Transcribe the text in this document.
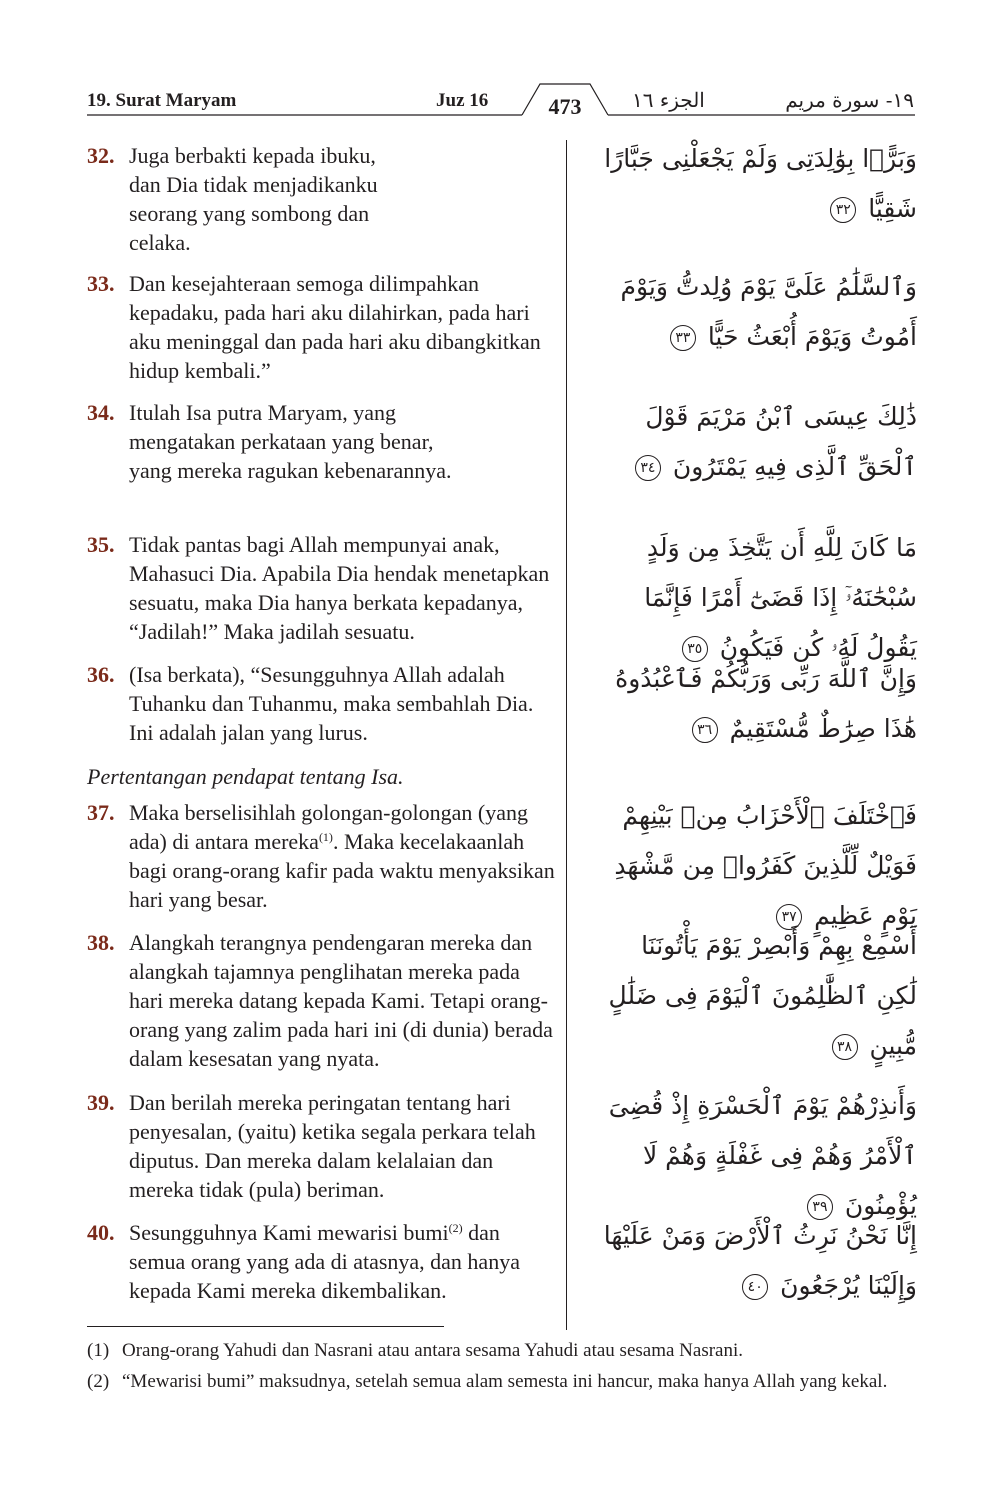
19. Surat Maryam	Juz 16	473	الجزء ١٦	١٩- سورة مريم
32. Juga berbakti kepada ibuku, dan Dia tidak menjadikanku seorang yang sombong dan celaka.
وَبَرًّۢا بِوَٰلِدَتِى وَلَمْ يَجْعَلْنِى جَبَّارًا شَقِيًّا ٣٢
33. Dan kesejahteraan semoga dilimpahkan kepadaku, pada hari aku dilahirkan, pada hari aku meninggal dan pada hari aku dibangkitkan hidup kembali.”
وَٱلسَّلَٰمُ عَلَىَّ يَوْمَ وُلِدتُّ وَيَوْمَ أَمُوتُ وَيَوْمَ أُبْعَثُ حَيًّا ٣٣
34. Itulah Isa putra Maryam, yang mengatakan perkataan yang benar, yang mereka ragukan kebenarannya.
ذَٰلِكَ عِيسَى ٱبْنُ مَرْيَمَ قَوْلَ ٱلْحَقِّ ٱلَّذِى فِيهِ يَمْتَرُونَ ٣٤
35. Tidak pantas bagi Allah mempunyai anak, Mahasuci Dia. Apabila Dia hendak menetapkan sesuatu, maka Dia hanya berkata kepadanya, “Jadilah!” Maka jadilah sesuatu.
مَا كَانَ لِلَّهِ أَن يَتَّخِذَ مِن وَلَدٍ سُبْحَٰنَهُۥٓ إِذَا قَضَىٰٓ أَمْرًا فَإِنَّمَا يَقُولُ لَهُۥ كُن فَيَكُونُ ٣٥
36. (Isa berkata), “Sesungguhnya Allah adalah Tuhanku dan Tuhanmu, maka sembahlah Dia. Ini adalah jalan yang lurus.
وَإِنَّ ٱللَّهَ رَبِّى وَرَبُّكُمْ فَٱعْبُدُوهُ هَٰذَا صِرَٰطٌ مُّسْتَقِيمٌ ٣٦
Pertentangan pendapat tentang Isa.
37. Maka berselisihlah golongan-golongan (yang ada) di antara mereka$^{(1)}$. Maka kecelakaanlah bagi orang-orang kafir pada waktu menyaksikan hari yang besar.
فَٱخْتَلَفَ ٱلْأَحْزَابُ مِنۢ بَيْنِهِمْ فَوَيْلٌ لِّلَّذِينَ كَفَرُوا۟ مِن مَّشْهَدِ يَوْمٍ عَظِيمٍ ٣٧
38. Alangkah terangnya pendengaran mereka dan alangkah tajamnya penglihatan mereka pada hari mereka datang kepada Kami. Tetapi orang-orang yang zalim pada hari ini (di dunia) berada dalam kesesatan yang nyata.
أَسْمِعْ بِهِمْ وَأَبْصِرْ يَوْمَ يَأْتُونَنَا لَٰكِنِ ٱلظَّٰلِمُونَ ٱلْيَوْمَ فِى ضَلَٰلٍ مُّبِينٍ ٣٨
39. Dan berilah mereka peringatan tentang hari penyesalan, (yaitu) ketika segala perkara telah diputus. Dan mereka dalam kelalaian dan mereka tidak (pula) beriman.
وَأَنذِرْهُمْ يَوْمَ ٱلْحَسْرَةِ إِذْ قُضِىَ ٱلْأَمْرُ وَهُمْ فِى غَفْلَةٍ وَهُمْ لَا يُؤْمِنُونَ ٣٩
40. Sesungguhnya Kami mewarisi bumi$^{(2)}$ dan semua orang yang ada di atasnya, dan hanya kepada Kami mereka dikembalikan.
إِنَّا نَحْنُ نَرِثُ ٱلْأَرْضَ وَمَنْ عَلَيْهَا وَإِلَيْنَا يُرْجَعُونَ ٤٠
(1) Orang-orang Yahudi dan Nasrani atau antara sesama Yahudi atau sesama Nasrani.
(2) “Mewarisi bumi” maksudnya, setelah semua alam semesta ini hancur, maka hanya Allah yang kekal.
